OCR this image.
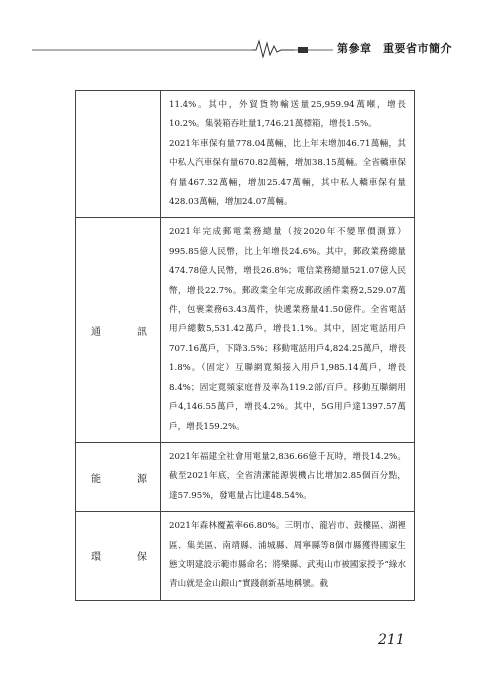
第參章　重要省市簡介

	11.4%。其中，外貿貨物輸送量25,959.94萬噸，增長10.2%。集裝箱吞吐量1,746.21萬標箱，增長1.5%。

2021年車保有量778.04萬輛，比上年末增加46.71萬輛，其中私人汽車保有量670.82萬輛，增加38.15萬輛。全省轎車保有量467.32萬輛，增加25.47萬輛，其中私人轎車保有量428.03萬輛，增加24.07萬輛。

通 訊	2021年完成郵電業務總量（按2020年不變單價測算）995.85億人民幣，比上年增長24.6%。其中，郵政業務總量474.78億人民幣，增長26.8%；電信業務總量521.07億人民幣，增長22.7%。郵政業全年完成郵政函件業務2,529.07萬件，包裹業務63.43萬件，快遞業務量41.50億件。全省電話用戶總數5,531.42萬戶，增長1.1%。其中，固定電話用戶707.16萬戶，下降3.5%；移動電話用戶4,824.25萬戶，增長1.8%。（固定）互聯網寬頻接入用戶1,985.14萬戶，增長8.4%；固定寬頻家庭普及率為119.2部/百戶。移動互聯網用戶4,146.55萬戶，增長4.2%。其中，5G用戶達1397.57萬戶，增長159.2%。

能 源	2021年福建全社會用電量2,836.66億千瓦時，增長14.2%。截至2021年底，全省清潔能源裝機占比增加2.85個百分點，達57.95%，發電量占比達48.54%。

環 保	2021年森林覆蓋率66.80%。三明市、龍岩市、鼓樓區、湖裡區、集美區、南靖縣、浦城縣、周寧縣等8個市縣獲得國家生態文明建設示範市縣命名；將樂縣、武夷山市被國家授予“綠水青山就是金山銀山”實踐創新基地稱號。截

211
